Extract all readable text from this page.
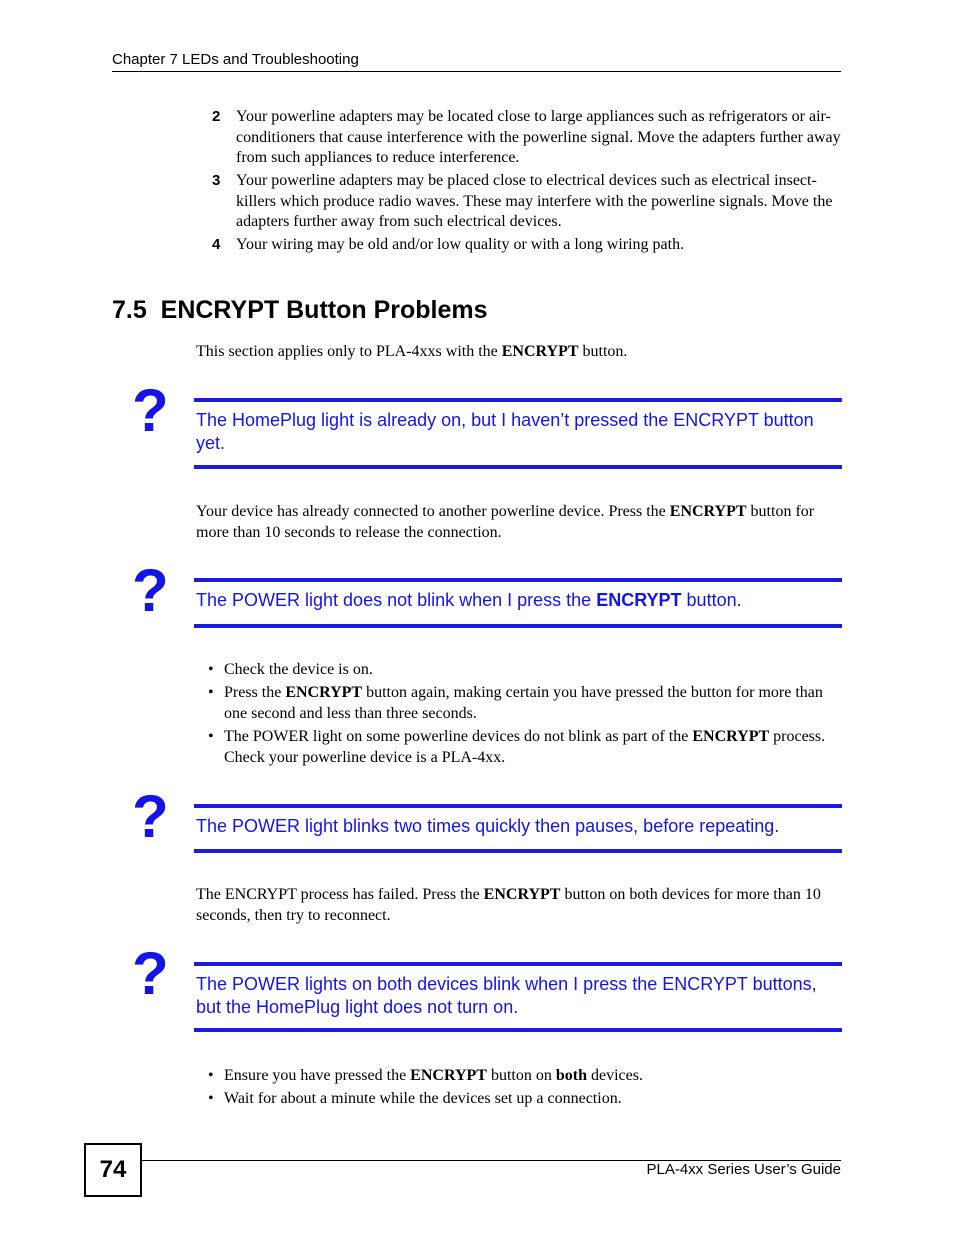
Chapter 7 LEDs and Troubleshooting
2 Your powerline adapters may be located close to large appliances such as refrigerators or air-conditioners that cause interference with the powerline signal. Move the adapters further away from such appliances to reduce interference.
3 Your powerline adapters may be placed close to electrical devices such as electrical insect-killers which produce radio waves. These may interfere with the powerline signals. Move the adapters further away from such electrical devices.
4 Your wiring may be old and/or low quality or with a long wiring path.
7.5  ENCRYPT Button Problems
This section applies only to PLA-4xxs with the ENCRYPT button.
? The HomePlug light is already on, but I haven’t pressed the ENCRYPT button yet.
Your device has already connected to another powerline device. Press the ENCRYPT button for more than 10 seconds to release the connection.
? The POWER light does not blink when I press the ENCRYPT button.
• Check the device is on.
• Press the ENCRYPT button again, making certain you have pressed the button for more than one second and less than three seconds.
• The POWER light on some powerline devices do not blink as part of the ENCRYPT process. Check your powerline device is a PLA-4xx.
? The POWER light blinks two times quickly then pauses, before repeating.
The ENCRYPT process has failed. Press the ENCRYPT button on both devices for more than 10 seconds, then try to reconnect.
? The POWER lights on both devices blink when I press the ENCRYPT buttons, but the HomePlug light does not turn on.
• Ensure you have pressed the ENCRYPT button on both devices.
• Wait for about a minute while the devices set up a connection.
74	PLA-4xx Series User’s Guide
